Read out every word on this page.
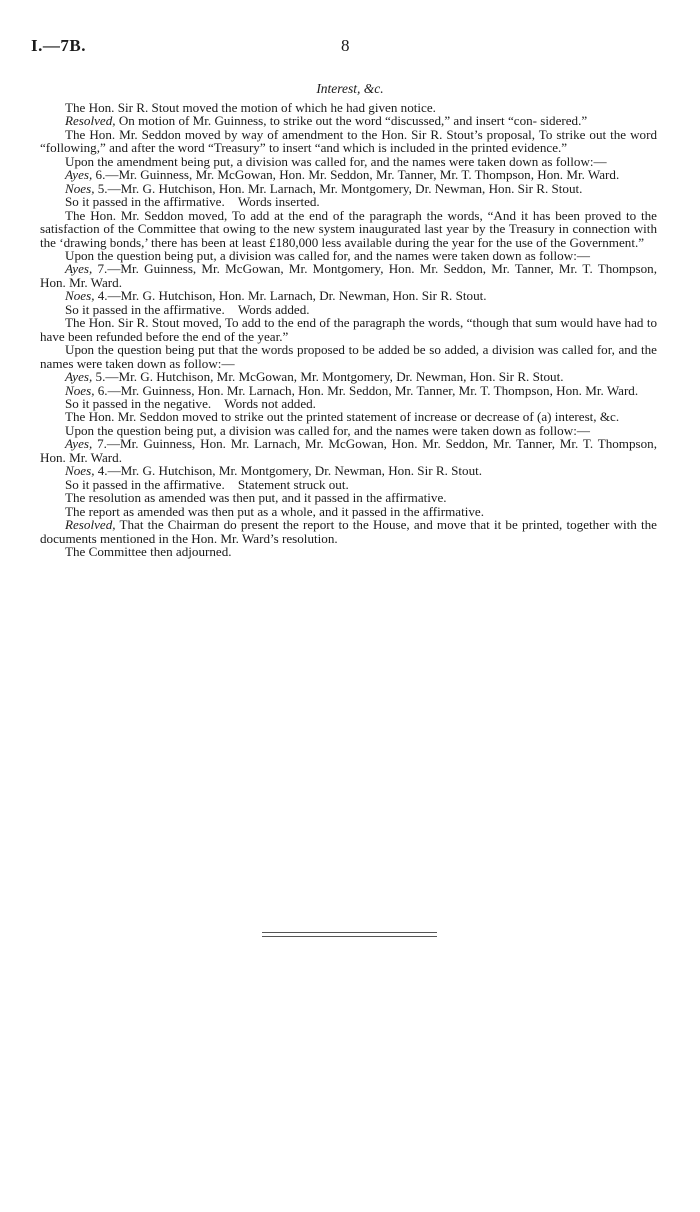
I.—7B.	8
Interest, &c.

The Hon. Sir R. Stout moved the motion of which he had given notice.

Resolved, On motion of Mr. Guinness, to strike out the word “discussed,” and insert “con- sidered.”

The Hon. Mr. Seddon moved by way of amendment to the Hon. Sir R. Stout’s proposal, To strike out the word “following,” and after the word “Treasury” to insert “and which is included in the printed evidence.”

Upon the amendment being put, a division was called for, and the names were taken down as follow:—

Ayes, 6.—Mr. Guinness, Mr. McGowan, Hon. Mr. Seddon, Mr. Tanner, Mr. T. Thompson, Hon. Mr. Ward.

Noes, 5.—Mr. G. Hutchison, Hon. Mr. Larnach, Mr. Montgomery, Dr. Newman, Hon. Sir R. Stout.

So it passed in the affirmative. Words inserted.

The Hon. Mr. Seddon moved, To add at the end of the paragraph the words, “And it has been proved to the satisfaction of the Committee that owing to the new system inaugurated last year by the Treasury in connection with the ‘drawing bonds,’ there has been at least £180,000 less available during the year for the use of the Government.”

Upon the question being put, a division was called for, and the names were taken down as follow:—

Ayes, 7.—Mr. Guinness, Mr. McGowan, Mr. Montgomery, Hon. Mr. Seddon, Mr. Tanner, Mr. T. Thompson, Hon. Mr. Ward.

Noes, 4.—Mr. G. Hutchison, Hon. Mr. Larnach, Dr. Newman, Hon. Sir R. Stout.

So it passed in the affirmative. Words added.

The Hon. Sir R. Stout moved, To add to the end of the paragraph the words, “though that sum would have had to have been refunded before the end of the year.”

Upon the question being put that the words proposed to be added be so added, a division was called for, and the names were taken down as follow:—

Ayes, 5.—Mr. G. Hutchison, Mr. McGowan, Mr. Montgomery, Dr. Newman, Hon. Sir R. Stout.

Noes, 6.—Mr. Guinness, Hon. Mr. Larnach, Hon. Mr. Seddon, Mr. Tanner, Mr. T. Thompson, Hon. Mr. Ward.

So it passed in the negative. Words not added.

The Hon. Mr. Seddon moved to strike out the printed statement of increase or decrease of (a) interest, &c.

Upon the question being put, a division was called for, and the names were taken down as follow:—

Ayes, 7.—Mr. Guinness, Hon. Mr. Larnach, Mr. McGowan, Hon. Mr. Seddon, Mr. Tanner, Mr. T. Thompson, Hon. Mr. Ward.

Noes, 4.—Mr. G. Hutchison, Mr. Montgomery, Dr. Newman, Hon. Sir R. Stout.

So it passed in the affirmative. Statement struck out.

The resolution as amended was then put, and it passed in the affirmative.

The report as amended was then put as a whole, and it passed in the affirmative.

Resolved, That the Chairman do present the report to the House, and move that it be printed, together with the documents mentioned in the Hon. Mr. Ward’s resolution.

The Committee then adjourned.
